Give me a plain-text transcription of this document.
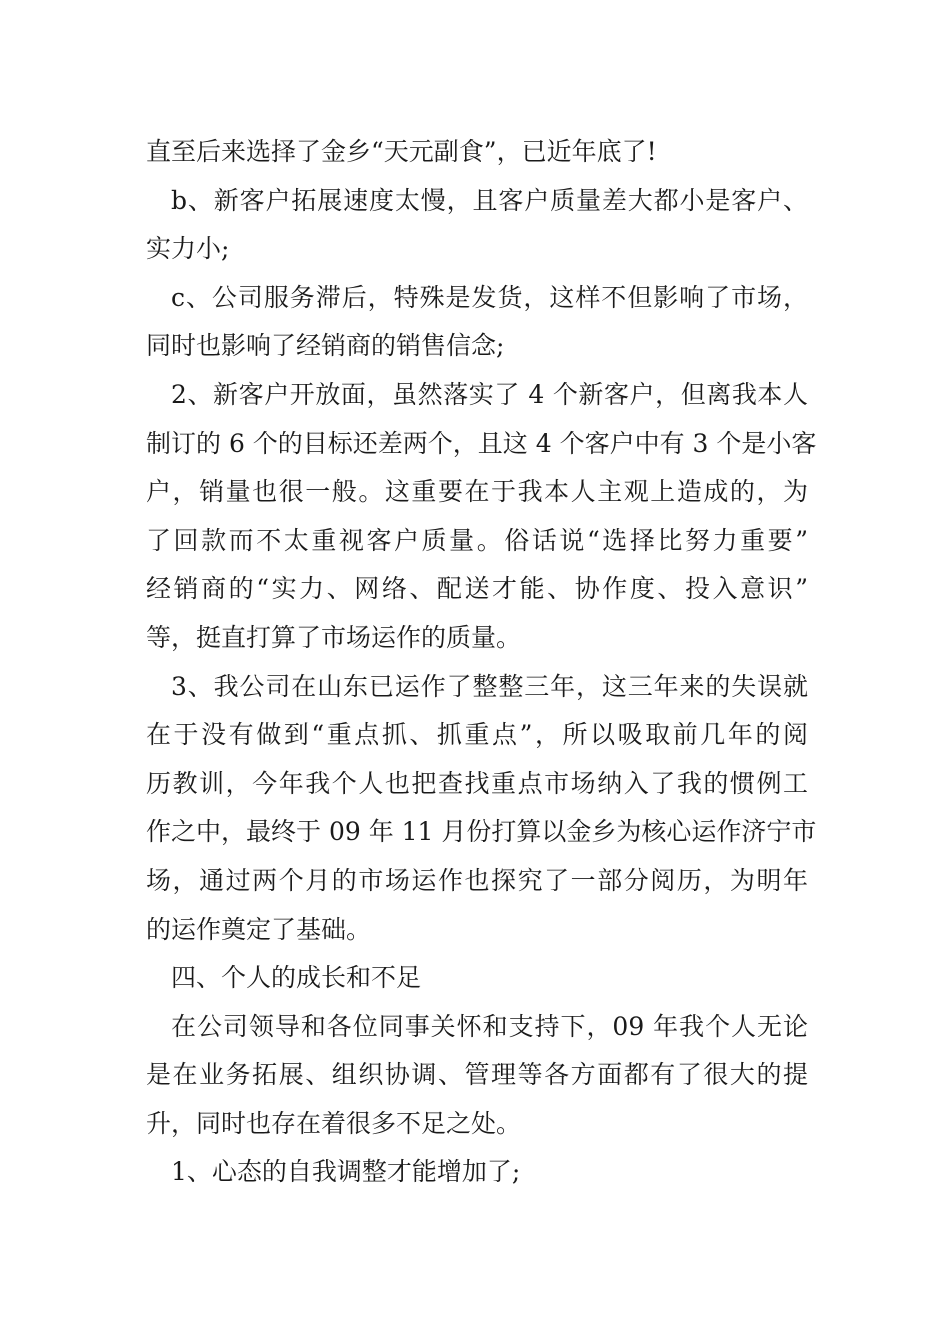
直至后来选择了金乡“天元副食”，已近年底了!
b、新客户拓展速度太慢，且客户质量差大都小是客户、
实力小;
c、公司服务滞后，特殊是发货，这样不但影响了市场，
同时也影响了经销商的销售信念;
2、新客户开放面，虽然落实了 4 个新客户，但离我本人
制订的 6 个的目标还差两个，且这 4 个客户中有 3 个是小客
户，销量也很一般。这重要在于我本人主观上造成的，为
了回款而不太重视客户质量。俗话说“选择比努力重要”
经销商的“实力、网络、配送才能、协作度、投入意识”
等，挺直打算了市场运作的质量。
3、我公司在山东已运作了整整三年，这三年来的失误就
在于没有做到“重点抓、抓重点”，所以吸取前几年的阅
历教训，今年我个人也把查找重点市场纳入了我的惯例工
作之中，最终于 09 年 11 月份打算以金乡为核心运作济宁市
场，通过两个月的市场运作也探究了一部分阅历，为明年
的运作奠定了基础。
四、个人的成长和不足
在公司领导和各位同事关怀和支持下，09 年我个人无论
是在业务拓展、组织协调、管理等各方面都有了很大的提
升，同时也存在着很多不足之处。
1、心态的自我调整才能增加了;
